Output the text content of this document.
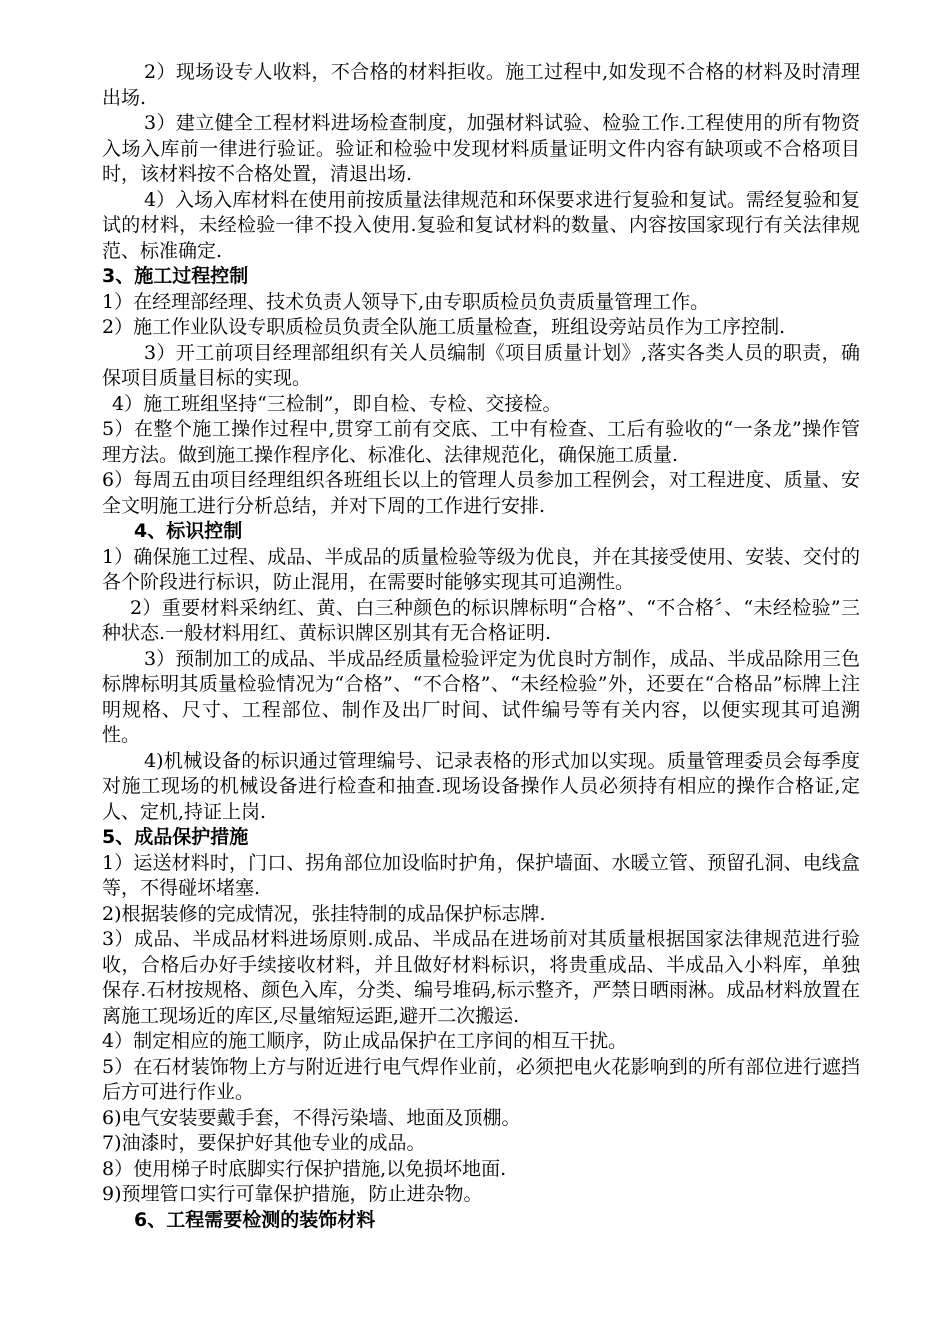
2）现场设专人收料，不合格的材料拒收。施工过程中,如发现不合格的材料及时清理出场.

3）建立健全工程材料进场检查制度，加强材料试验、检验工作.工程使用的所有物资入场入库前一律进行验证。验证和检验中发现材料质量证明文件内容有缺项或不合格项目时，该材料按不合格处置，清退出场.

4）入场入库材料在使用前按质量法律规范和环保要求进行复验和复试。需经复验和复试的材料，未经检验一律不投入使用.复验和复试材料的数量、内容按国家现行有关法律规范、标准确定.

3、施工过程控制

1）在经理部经理、技术负责人领导下,由专职质检员负责质量管理工作。

2）施工作业队设专职质检员负责全队施工质量检查，班组设旁站员作为工序控制.

3）开工前项目经理部组织有关人员编制《项目质量计划》,落实各类人员的职责，确保项目质量目标的实现。

4）施工班组坚持“三检制”，即自检、专检、交接检。

5）在整个施工操作过程中,贯穿工前有交底、工中有检查、工后有验收的“一条龙”操作管理方法。做到施工操作程序化、标准化、法律规范化，确保施工质量.

6）每周五由项目经理组织各班组长以上的管理人员参加工程例会，对工程进度、质量、安全文明施工进行分析总结，并对下周的工作进行安排.

4、标识控制

1）确保施工过程、成品、半成品的质量检验等级为优良，并在其接受使用、安装、交付的各个阶段进行标识，防止混用，在需要时能够实现其可追溯性。

2）重要材料采纳红、黄、白三种颜色的标识牌标明“合格”、“不合格〞、“未经检验”三种状态.一般材料用红、黄标识牌区别其有无合格证明.

3）预制加工的成品、半成品经质量检验评定为优良时方制作，成品、半成品除用三色标牌标明其质量检验情况为“合格”、“不合格”、“未经检验”外，还要在“合格品”标牌上注明规格、尺寸、工程部位、制作及出厂时间、试件编号等有关内容，以便实现其可追溯性。

4)机械设备的标识通过管理编号、记录表格的形式加以实现。质量管理委员会每季度对施工现场的机械设备进行检查和抽查.现场设备操作人员必须持有相应的操作合格证,定人、定机,持证上岗.

5、成品保护措施

1）运送材料时，门口、拐角部位加设临时护角，保护墙面、水暖立管、预留孔洞、电线盒等，不得碰坏堵塞.

2)根据装修的完成情况，张挂特制的成品保护标志牌.

3）成品、半成品材料进场原则.成品、半成品在进场前对其质量根据国家法律规范进行验收，合格后办好手续接收材料，并且做好材料标识，将贵重成品、半成品入小料库，单独保存.石材按规格、颜色入库，分类、编号堆码,标示整齐，严禁日晒雨淋。成品材料放置在离施工现场近的库区,尽量缩短运距,避开二次搬运.

4）制定相应的施工顺序，防止成品保护在工序间的相互干扰。

5）在石材装饰物上方与附近进行电气焊作业前，必须把电火花影响到的所有部位进行遮挡后方可进行作业。

6)电气安装要戴手套，不得污染墙、地面及顶棚。

7)油漆时，要保护好其他专业的成品。

8）使用梯子时底脚实行保护措施,以免损坏地面.

9)预埋管口实行可靠保护措施，防止进杂物。

6、工程需要检测的装饰材料
